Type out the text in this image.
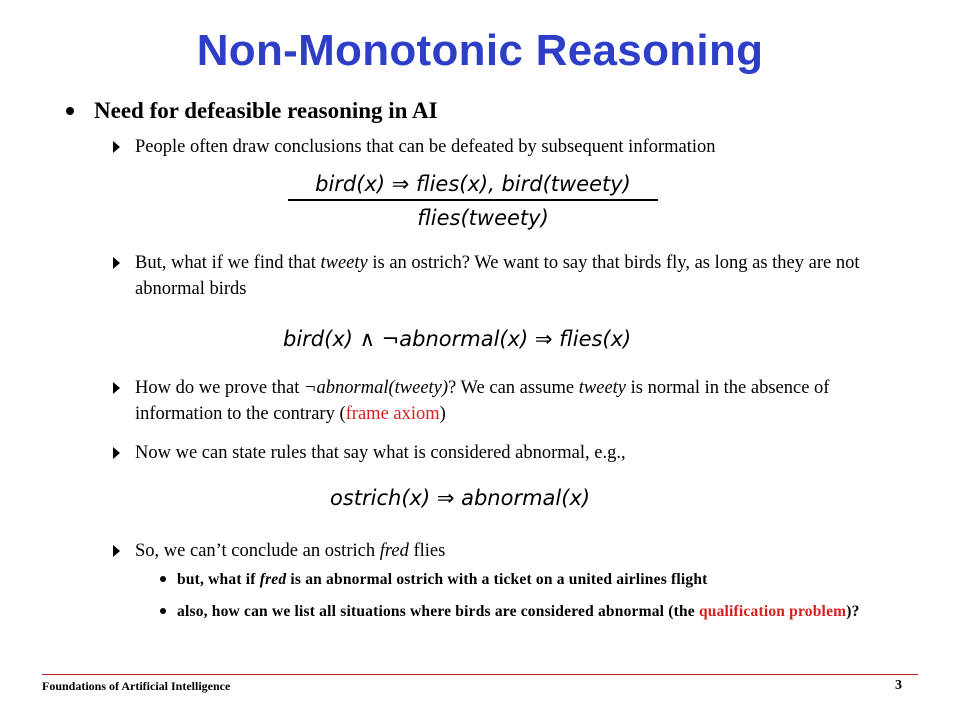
Non-Monotonic Reasoning
Need for defeasible reasoning in AI
People often draw conclusions that can be defeated by subsequent information
bird(x) ⇒ flies(x), bird(tweety)
flies(tweety)
But, what if we find that tweety is an ostrich? We want to say that birds fly, as long as they are not abnormal birds
bird(x) ∧ ¬abnormal(x) ⇒ flies(x)
How do we prove that ¬abnormal(tweety)? We can assume tweety is normal in the absence of information to the contrary (frame axiom)
Now we can state rules that say what is considered abnormal, e.g.,
ostrich(x) ⇒ abnormal(x)
So, we can’t conclude an ostrich fred flies
but, what if fred is an abnormal ostrich with a ticket on a united airlines flight
also, how can we list all situations where birds are considered abnormal (the qualification problem)?
Foundations of Artificial Intelligence	3
